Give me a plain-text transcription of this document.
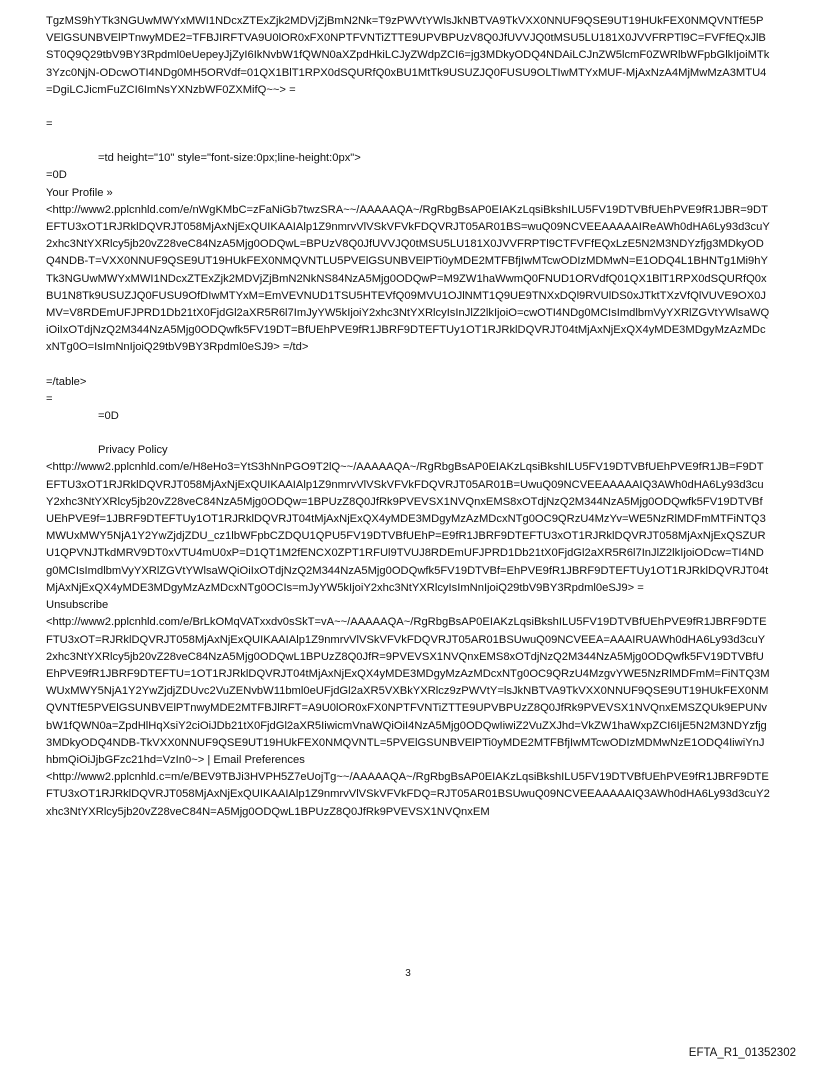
TgzMS9hYTk3NGUwMWYxMWI1NDcxZTExZjk2MDVjZjBmN2Nk=T9zPWVtYWlsJkNBTVA9TkVXX0NNUF9QSE9UT19HUkFEX0NMQVNTfE5PVElGSUNBVElPTnwyMDE2=TFBJIRFTVA9U0lOR0xFX0NPTFVNTiZTTE9UPVBPUzV8Q0JfUVVJQ0tMSU5LU181X0JVVFRPTl9C=FVFfEQxJlBST0Q9Q29tbV9BY3Rpdml0eUepeyJjZyI6IkNvbW1fQWN0aXZpdHkiLCJyZWdpZCI6=jg3MDkyODQ4NDAiLCJnZW5lcmF0ZWRlbWFpbGlkIjoiMTk3Yzc0NjN-ODcwOTI4NDg0MH5ORVdf=01QX1BlT1RPX0dSQURfQ0xBU1MtTk9USUZJQ0FUSU9OLTIwMTYxMUF-MjAxNzA4MjMwMzA3MTU4=DgiLCJicmFuZCI6ImNsYXNzbWF0ZXMifQ~~> =
=
=td height="10" style="font-size:0px;line-height:0px">
=0D
Your Profile »
<http://www2.pplcnhld.com/e/nWgKMbC=zFaNiGb7twzSRA~~/AAAAAQA~/RgRbgBsAP0EIAKzLqsiBkshILU5FV19DTVBfUEhPVE9fR1JBR=9DTEFTU3xOT1RJRklDQVRJT058MjAxNjExQUIKAAIAlp1Z9nmrvVlVSkVFVkFDQVRJT05AR01BS=wuQ09NCVEEAAAAAIReAWh0dHA6Ly93d3cuY2xhc3NtYXRlcy5jb20vZ28veC84NzA5Mjg0ODQwL=BPUzV8Q0JfUVVJQ0tMSU5LU181X0JVVFRPTl9CTFVFfEQxLzE5N2M3NDYzfjg3MDkyODQ4NDB-T=VXX0NNUF9QSE9UT19HUkFEX0NMQVNTLU5PVElGSUNBVElPTi0yMDE2MTFBfjIwMTcwODIzMDMwN=E1ODQ4L1BHNTg1Mi9hYTk3NGUwMWYxMWI1NDcxZTExZjk2MDVjZjBmN2NkNS84NzA5Mjg0ODQwP=M9ZW1haWwmQ0FNUD1ORVdfQ01QX1BlT1RPX0dSQURfQ0xBU1N8Tk9USUZJQ0FUSU9OfDIwMTYxM=EmVEVNUD1TSU5HTEVfQ09MVU1OJlNMT1Q9UE9TNXxDQl9RVUlDS0xJTktTXzVfQlVUVE9OX0JMV=V8RDEmUFJPRD1Db21tX0FjdGl2aXR5R6l7ImJyYW5kIjoiY2xhc3NtYXRlcyIsInJlZ2lkIjoiO=cwOTI4NDg0MCIsImdlbmVyYXRlZGVtYWlsaWQiOiIxOTdjNzQ2M344NzA5Mjg0ODQwfk5FV19DT=BfUEhPVE9fR1JBRF9DTEFTUy1OT1RJRklDQVRJT04tMjAxNjExQX4yMDE3MDgyMzAzMDcxNTg0O=IsImNnIjoiQ29tbV9BY3Rpdml0eSJ9> =/td>
=/table>
=
=0D
Privacy Policy
<http://www2.pplcnhld.com/e/H8eHo3=YtS3hNnPGO9T2lQ~~/AAAAAQA~/RgRbgBsAP0EIAKzLqsiBkshILU5FV19DTVBfUEhPVE9fR1JB=F9DTEFTU3xOT1RJRklDQVRJT058MjAxNjExQUIKAAIAlp1Z9nmrvVlVSkVFVkFDQVRJT05AR01B=UwuQ09NCVEEAAAAAIQ3AWh0dHA6Ly93d3cuY2xhc3NtYXRlcy5jb20vZ28veC84NzA5Mjg0ODQw=1BPUzZ8Q0JfRk9PVEVSX1NVQnxEMS8xOTdjNzQ2M344NzA5Mjg0ODQwfk5FV19DTVBfUEhPVE9f=1JBRF9DTEFTUy1OT1RJRklDQVRJT04tMjAxNjExQX4yMDE3MDgyMzAzMDcxNTg0OC9QRzU4MzYv=WE5NzRlMDFmMTFiNTQ3MWUxMWY5NjA1Y2YwZjdjZDU_cz1lbWFpbCZDQU1QPU5FV19DTVBfUEhP=E9fR1JBRF9DTEFTU3xOT1RJRklDQVRJT058MjAxNjExQSZURU1QPVNJTkdMRV9DT0xVTU4mU0xP=D1QT1M2fENCX0ZPT1RFUl9TVUJ8RDEmUFJPRD1Db21tX0FjdGl2aXR5R6l7InJlZ2lkIjoiODcw=TI4NDg0MCIsImdlbmVyYXRlZGVtYWlsaWQiOiIxOTdjNzQ2M344NzA5Mjg0ODQwfk5FV19DTVBf=EhPVE9fR1JBRF9DTEFTUy1OT1RJRklDQVRJT04tMjAxNjExQX4yMDE3MDgyMzAzMDcxNTg0OCIs=mJyYW5kIjoiY2xhc3NtYXRlcyIsImNnIjoiQ29tbV9BY3Rpdml0eSJ9> =
Unsubscribe
<http://www2.pplcnhld.com/e/BrLkOMqVATxxdv0sSkT=vA~~/AAAAAQA~/RgRbgBsAP0EIAKzLqsiBkshILU5FV19DTVBfUEhPVE9fR1JBRF9DTEFTU3xOT=RJRklDQVRJT058MjAxNjExQUIKAAIAlp1Z9nmrvVlVSkVFVkFDQVRJT05AR01BSUwuQ09NCVEEA=AAAIRUAWh0dHA6Ly93d3cuY2xhc3NtYXRlcy5jb20vZ28veC84NzA5Mjg0ODQwL1BPUzZ8Q0JfR=9PVEVSX1NVQnxEMS8xOTdjNzQ2M344NzA5Mjg0ODQwfk5FV19DTVBfUEhPVE9fR1JBRF9DTEFTU=1OT1RJRklDQVRJT04tMjAxNjExQX4yMDE3MDgyMzAzMDcxNTg0OC9QRzU4MzgvYWE5NzRlMDFmM=FiNTQ3MWUxMWY5NjA1Y2YwZjdjZDUvc2VuZENvbW11bml0eUFjdGl2aXR5VXBkYXRlcz9zPWVtY=lsJkNBTVA9TkVXX0NNUF9QSE9UT19HUkFEX0NMQVNTfE5PVElGSUNBVElPTnwyMDE2MTFBJlRFT=A9U0lOR0xFX0NPTFVNTiZTTE9UPVBPUzZ8Q0JfRk9PVEVSX1NVQnxEMSZQUk9EPUNvbW1fQWN0a=ZpdHlHqXsiY2ciOiJDb21tX0FjdGl2aXR5IiwicmVnaWQiOiI4NzA5Mjg0ODQwIiwiZ2VuZXJhd=VkZW1haWxpZCI6IjE5N2M3NDYzfjg3MDkyODQ4NDB-TkVXX0NNUF9QSE9UT19HUkFEX0NMQVNTL=5PVElGSUNBVElPTi0yMDE2MTFBfjIwMTcwODIzMDMwNzE1ODQ4IiwiYnJhbmQiOiJjbGFzc21hd=VzIn0~> | Email Preferences
<http://www2.pplcnhld.c=m/e/BEV9TBJi3HVPH5Z7eUojTg~~/AAAAAQA~/RgRbgBsAP0EIAKzLqsiBkshILU5FV19DTVBfUEhPVE9fR1JBRF9DTEFTU3xOT1RJRklDQVRJT058MjAxNjExQUIKAAIAlp1Z9nmrvVlVSkVFVkFDQ=RJT05AR01BSUwuQ09NCVEEAAAAAIQ3AWh0dHA6Ly93d3cuY2xhc3NtYXRlcy5jb20vZ28veC84N=A5Mjg0ODQwL1BPUzZ8Q0JfRk9PVEVSX1NVQnxEM
3
EFTA_R1_01352302
